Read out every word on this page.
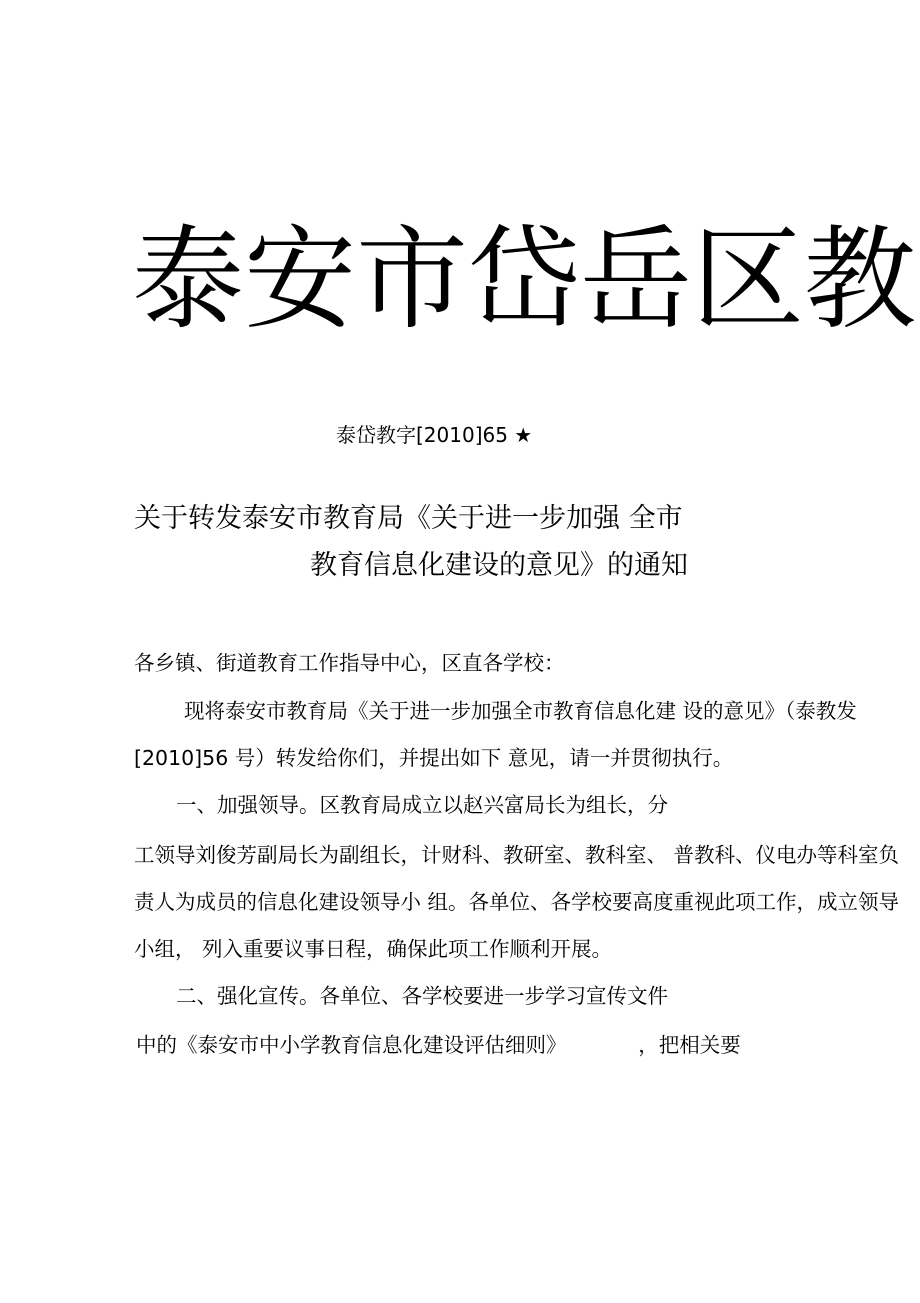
泰安市岱岳区教
泰岱教字[2010]65 ★
关于转发泰安市教育局《关于进一步加强 全市
教育信息化建设的意见》的通知
各乡镇、街道教育工作指导中心，区直各学校：
现将泰安市教育局《关于进一步加强全市教育信息化建 设的意见》（泰教发
[2010]56 号）转发给你们，并提出如下 意见，请一并贯彻执行。
一、加强领导。区教育局成立以赵兴富局长为组长，分
工领导刘俊芳副局长为副组长，计财科、教研室、教科室、 普教科、仪电办等科室负
责人为成员的信息化建设领导小 组。各单位、各学校要高度重视此项工作，成立领导
小组， 列入重要议事日程，确保此项工作顺利开展。
二、强化宣传。各单位、各学校要进一步学习宣传文件
中的《泰安市中小学教育信息化建设评估细则》　　　　，把相关要
